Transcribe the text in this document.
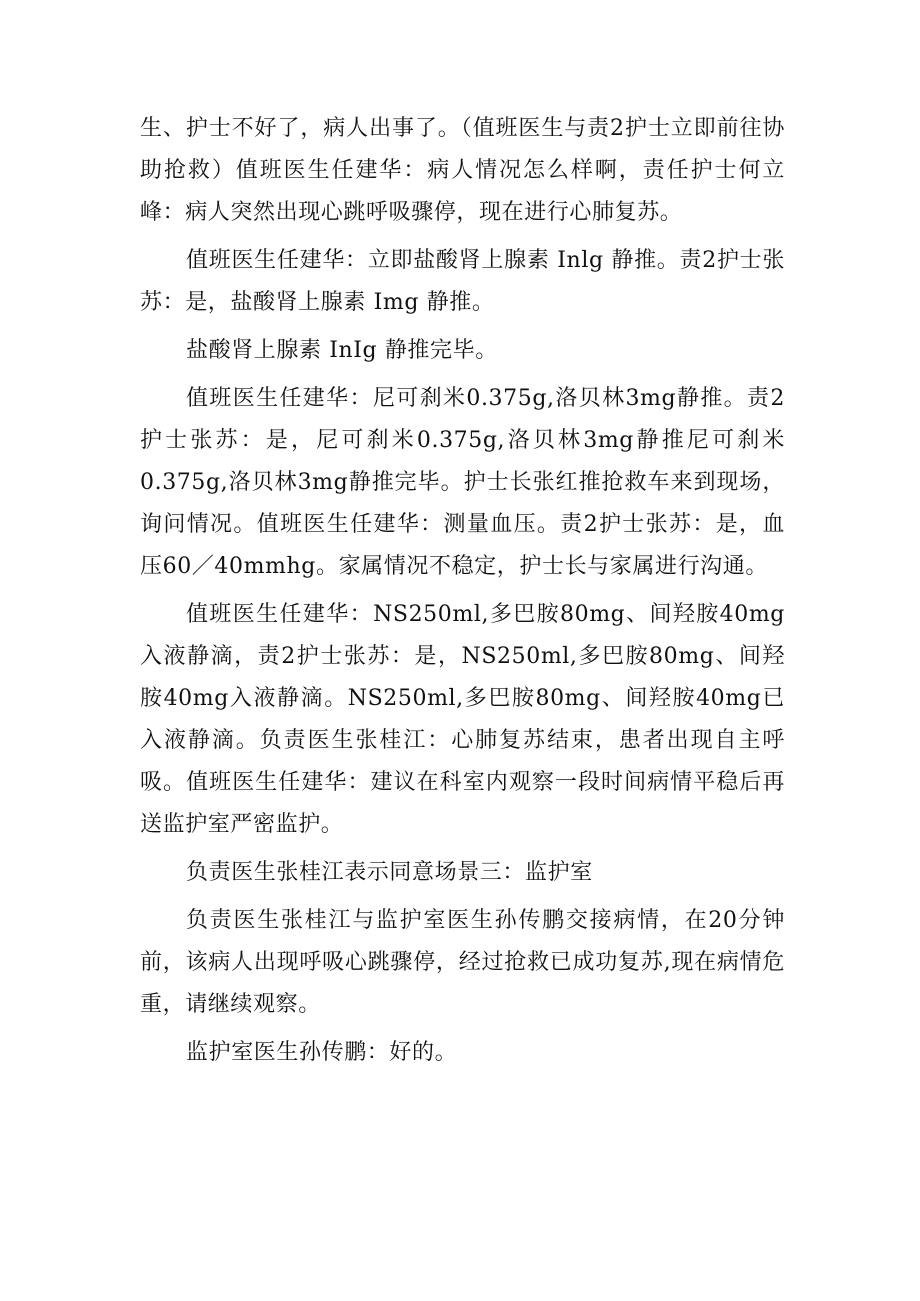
生、护士不好了，病人出事了。（值班医生与责2护士立即前往协助抢救）值班医生任建华：病人情况怎么样啊，责任护士何立峰：病人突然出现心跳呼吸骤停，现在进行心肺复苏。

值班医生任建华：立即盐酸肾上腺素 Inlg 静推。责2护士张苏：是，盐酸肾上腺素 Img 静推。

盐酸肾上腺素 InIg 静推完毕。

值班医生任建华：尼可刹米0.375g,洛贝林3mg静推。责2护士张苏：是，尼可刹米0.375g,洛贝林3mg静推尼可刹米0.375g,洛贝林3mg静推完毕。护士长张红推抢救车来到现场，询问情况。值班医生任建华：测量血压。责2护士张苏：是，血压60／40mmhg。家属情况不稳定，护士长与家属进行沟通。

值班医生任建华：NS250ml,多巴胺80mg、间羟胺40mg入液静滴，责2护士张苏：是，NS250ml,多巴胺80mg、间羟胺40mg入液静滴。NS250ml,多巴胺80mg、间羟胺40mg已入液静滴。负责医生张桂江：心肺复苏结束，患者出现自主呼吸。值班医生任建华：建议在科室内观察一段时间病情平稳后再送监护室严密监护。

负责医生张桂江表示同意场景三：监护室

负责医生张桂江与监护室医生孙传鹏交接病情，在20分钟前，该病人出现呼吸心跳骤停，经过抢救已成功复苏,现在病情危重，请继续观察。

监护室医生孙传鹏：好的。
